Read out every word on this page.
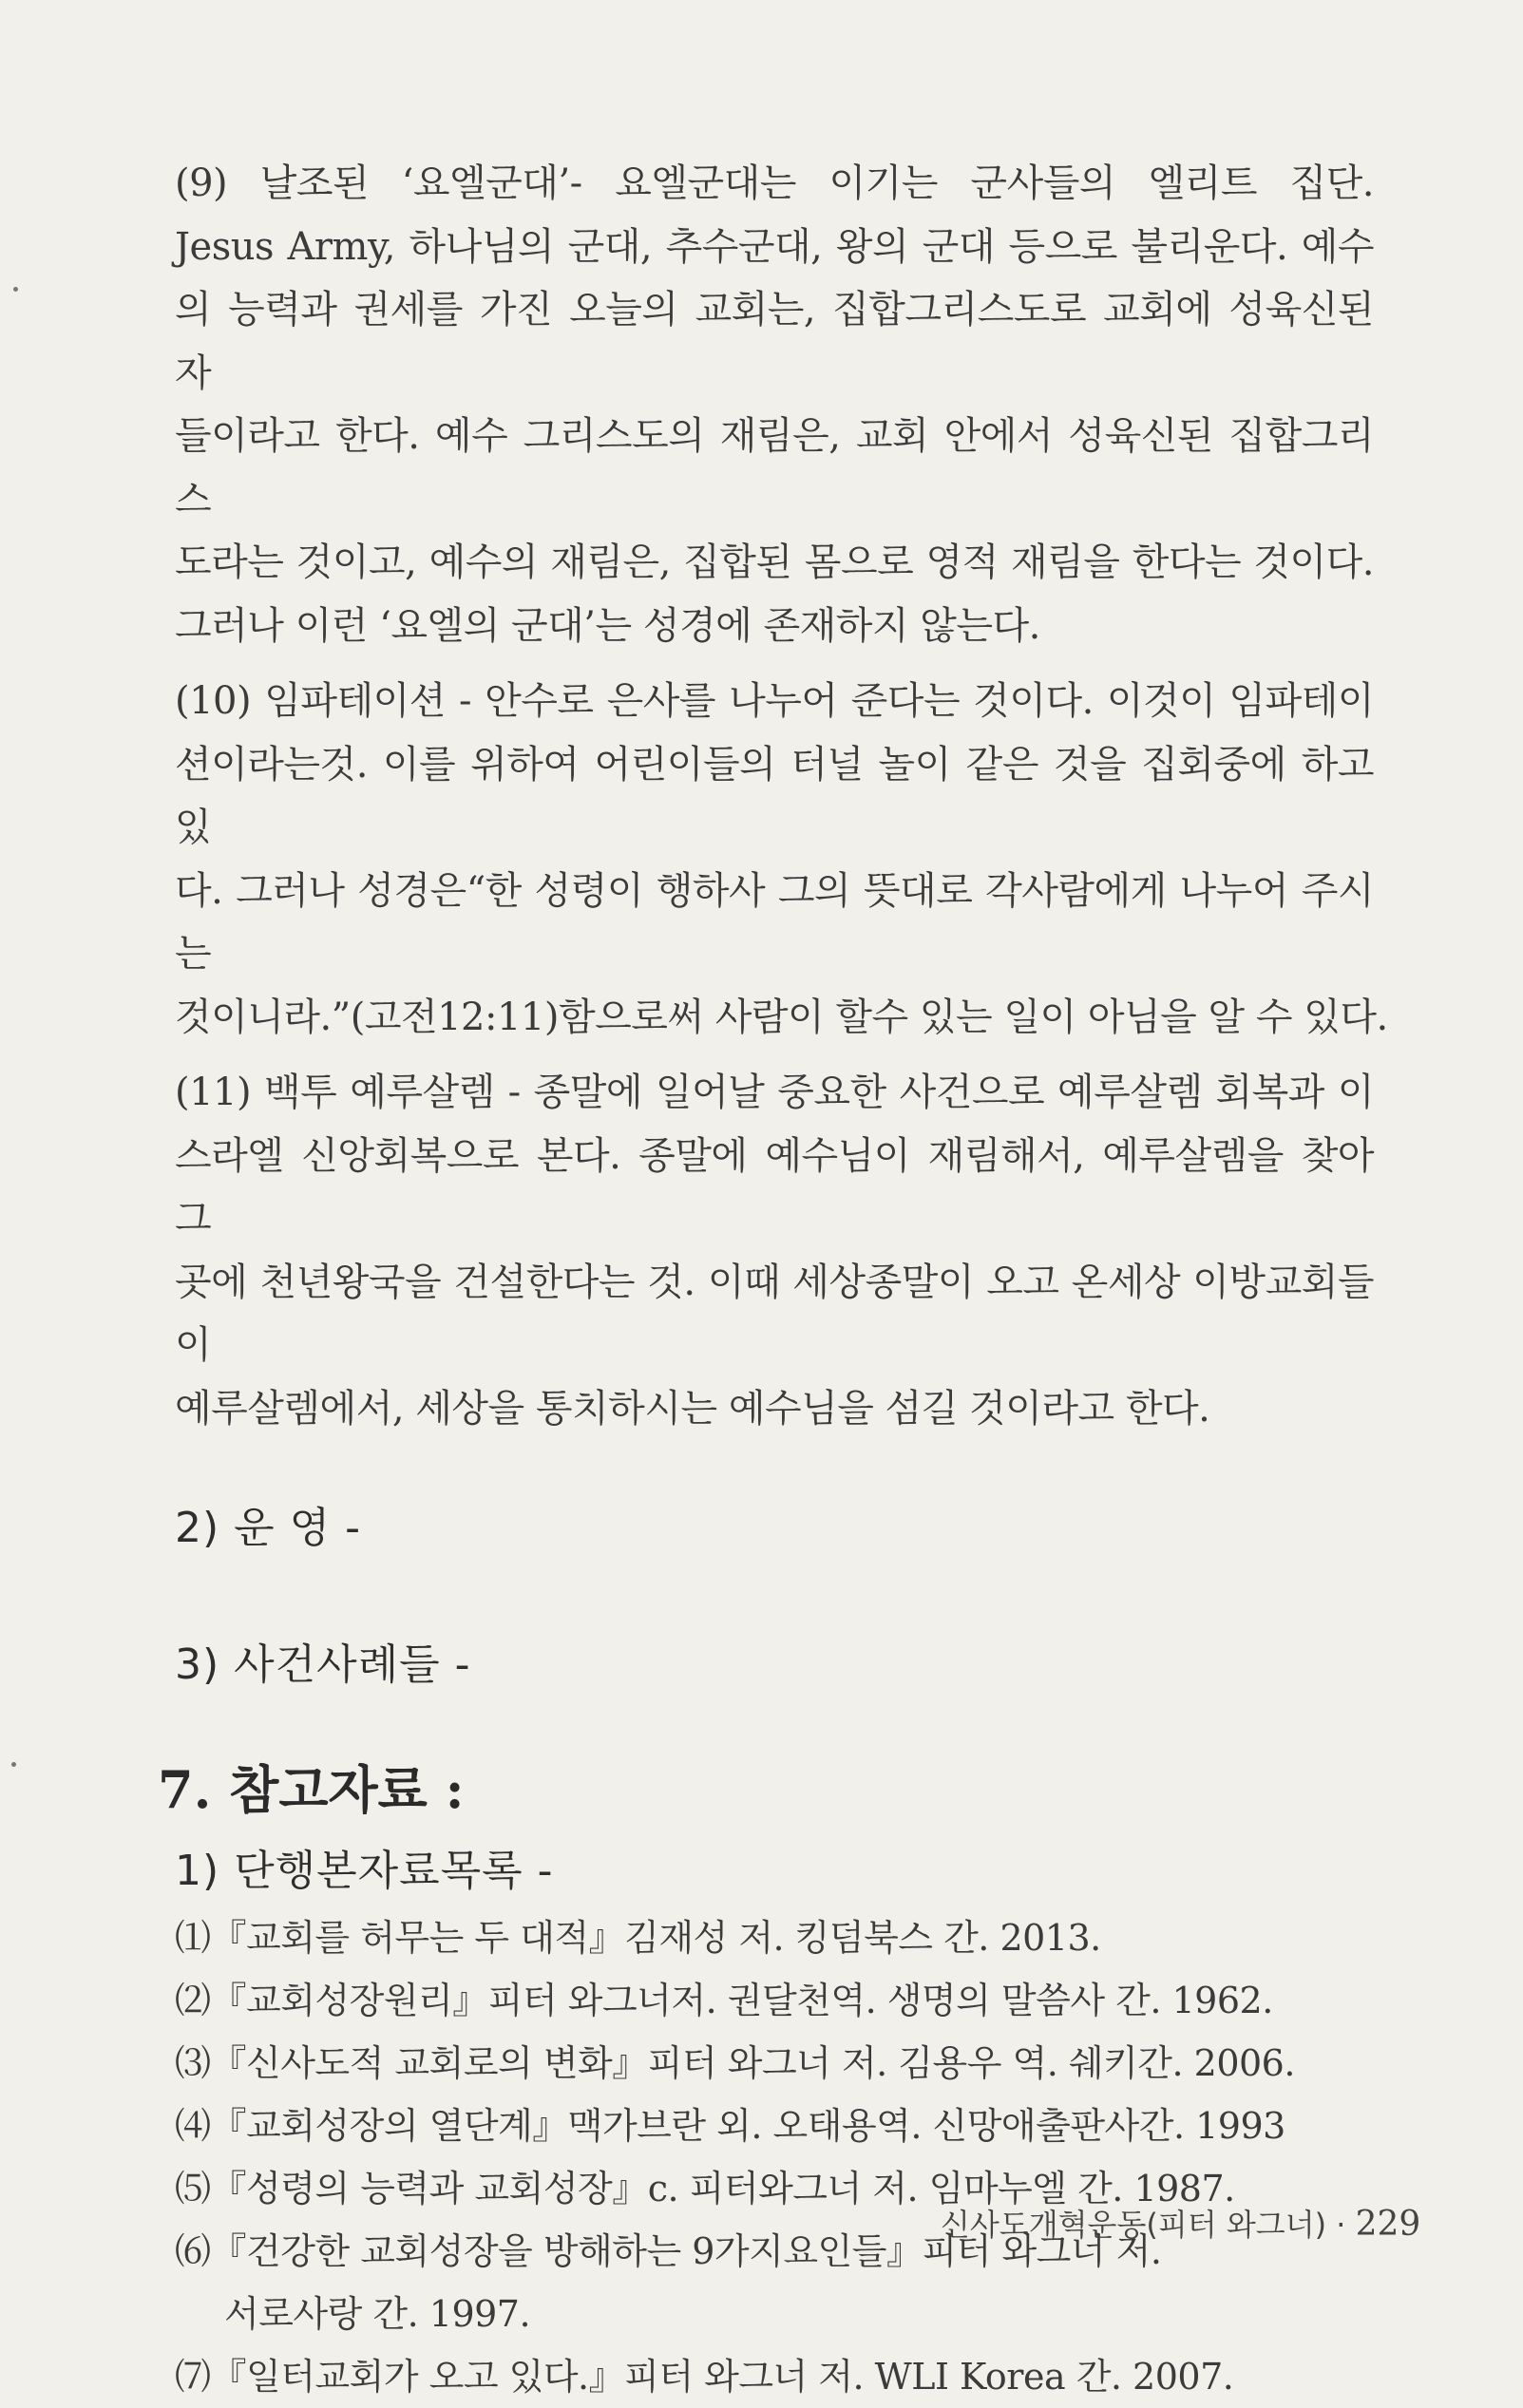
(9) 날조된 ‘요엘군대’- 요엘군대는 이기는 군사들의 엘리트 집단.
Jesus Army, 하나님의 군대, 추수군대, 왕의 군대 등으로 불리운다. 예수
의 능력과 권세를 가진 오늘의 교회는, 집합그리스도로 교회에 성육신된 자
들이라고 한다. 예수 그리스도의 재림은, 교회 안에서 성육신된 집합그리스
도라는 것이고, 예수의 재림은, 집합된 몸으로 영적 재림을 한다는 것이다.
그러나 이런 ‘요엘의 군대’는 성경에 존재하지 않는다.
(10) 임파테이션 - 안수로 은사를 나누어 준다는 것이다. 이것이 임파테이
션이라는것. 이를 위하여 어린이들의 터널 놀이 같은 것을 집회중에 하고 있
다. 그러나 성경은“한 성령이 행하사 그의 뜻대로 각사람에게 나누어 주시는
것이니라.”(고전12:11)함으로써 사람이 할수 있는 일이 아님을 알 수 있다.
(11) 백투 예루살렘 - 종말에 일어날 중요한 사건으로 예루살렘 회복과 이
스라엘 신앙회복으로 본다. 종말에 예수님이 재림해서, 예루살렘을 찾아 그
곳에 천년왕국을 건설한다는 것. 이때 세상종말이 오고 온세상 이방교회들이
예루살렘에서, 세상을 통치하시는 예수님을 섬길 것이라고 한다.
2) 운 영 -
3) 사건사례들 -
7. 참고자료 :
1) 단행본자료목록 -
⑴『교회를 허무는 두 대적』김재성 저. 킹덤북스 간. 2013.
⑵『교회성장원리』피터 와그너저. 권달천역. 생명의 말씀사 간. 1962.
⑶『신사도적 교회로의 변화』피터 와그너 저. 김용우 역. 쉐키간. 2006.
⑷『교회성장의 열단계』맥가브란 외. 오태용역. 신망애출판사간. 1993
⑸『성령의 능력과 교회성장』c. 피터와그너 저. 임마누엘 간. 1987.
⑹『건강한 교회성장을 방해하는 9가지요인들』피터 와그너 저.
서로사랑 간. 1997.
⑺『일터교회가 오고 있다.』피터 와그너 저. WLI Korea 간. 2007.
신사도개혁운동(피터 와그너) · 229
